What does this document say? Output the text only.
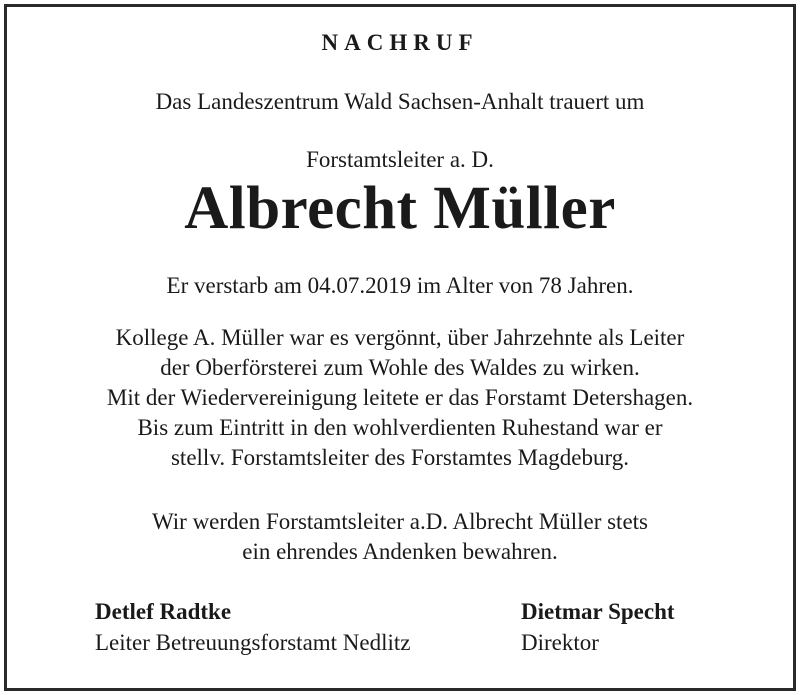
NACHRUF
Das Landeszentrum Wald Sachsen-Anhalt trauert um
Forstamtsleiter a. D.
Albrecht Müller
Er verstarb am 04.07.2019 im Alter von 78 Jahren.
Kollege A. Müller war es vergönnt, über Jahrzehnte als Leiter
der Oberförsterei zum Wohle des Waldes zu wirken.
Mit der Wiedervereinigung leitete er das Forstamt Detershagen.
Bis zum Eintritt in den wohlverdienten Ruhestand war er
stellv. Forstamtsleiter des Forstamtes Magdeburg.
Wir werden Forstamtsleiter a.D. Albrecht Müller stets
ein ehrendes Andenken bewahren.
Detlef Radtke
Leiter Betreuungsforstamt Nedlitz
Dietmar Specht
Direktor
